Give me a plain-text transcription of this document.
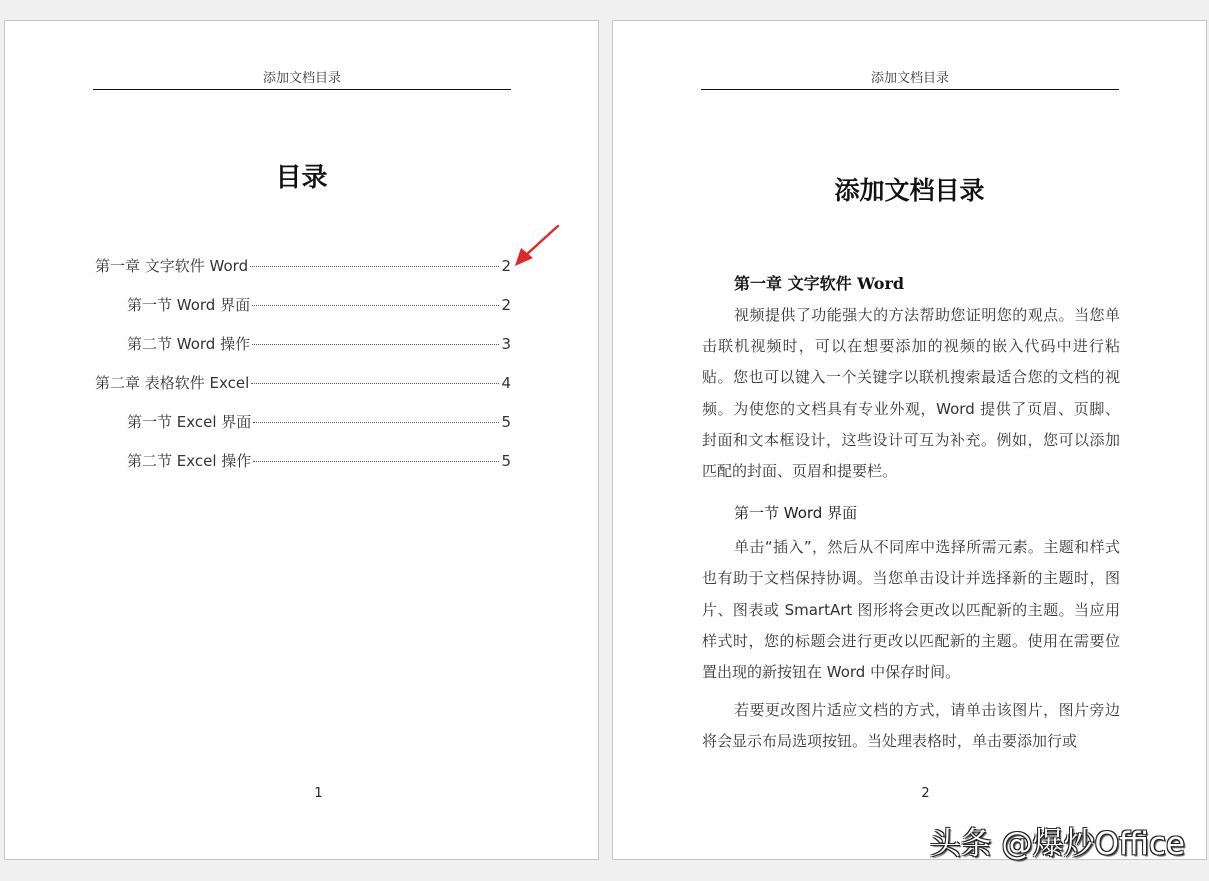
添加文档目录
目录
第一章 文字软件 Word	2
第一节 Word 界面	2
第二节 Word 操作	3
第二章 表格软件 Excel	4
第一节 Excel 界面	5
第二节 Excel 操作	5
1
添加文档目录
添加文档目录
第一章 文字软件 Word

视频提供了功能强大的方法帮助您证明您的观点。当您单击联机视频时，可以在想要添加的视频的嵌入代码中进行粘贴。您也可以键入一个关键字以联机搜索最适合您的文档的视频。为使您的文档具有专业外观，Word 提供了页眉、页脚、封面和文本框设计，这些设计可互为补充。例如，您可以添加匹配的封面、页眉和提要栏。

第一节 Word 界面

单击“插入”，然后从不同库中选择所需元素。主题和样式也有助于文档保持协调。当您单击设计并选择新的主题时，图片、图表或 SmartArt 图形将会更改以匹配新的主题。当应用样式时，您的标题会进行更改以匹配新的主题。使用在需要位置出现的新按钮在 Word 中保存时间。

若要更改图片适应文档的方式，请单击该图片，图片旁边将会显示布局选项按钮。当处理表格时，单击要添加行或

2
头条 @爆炒Office
